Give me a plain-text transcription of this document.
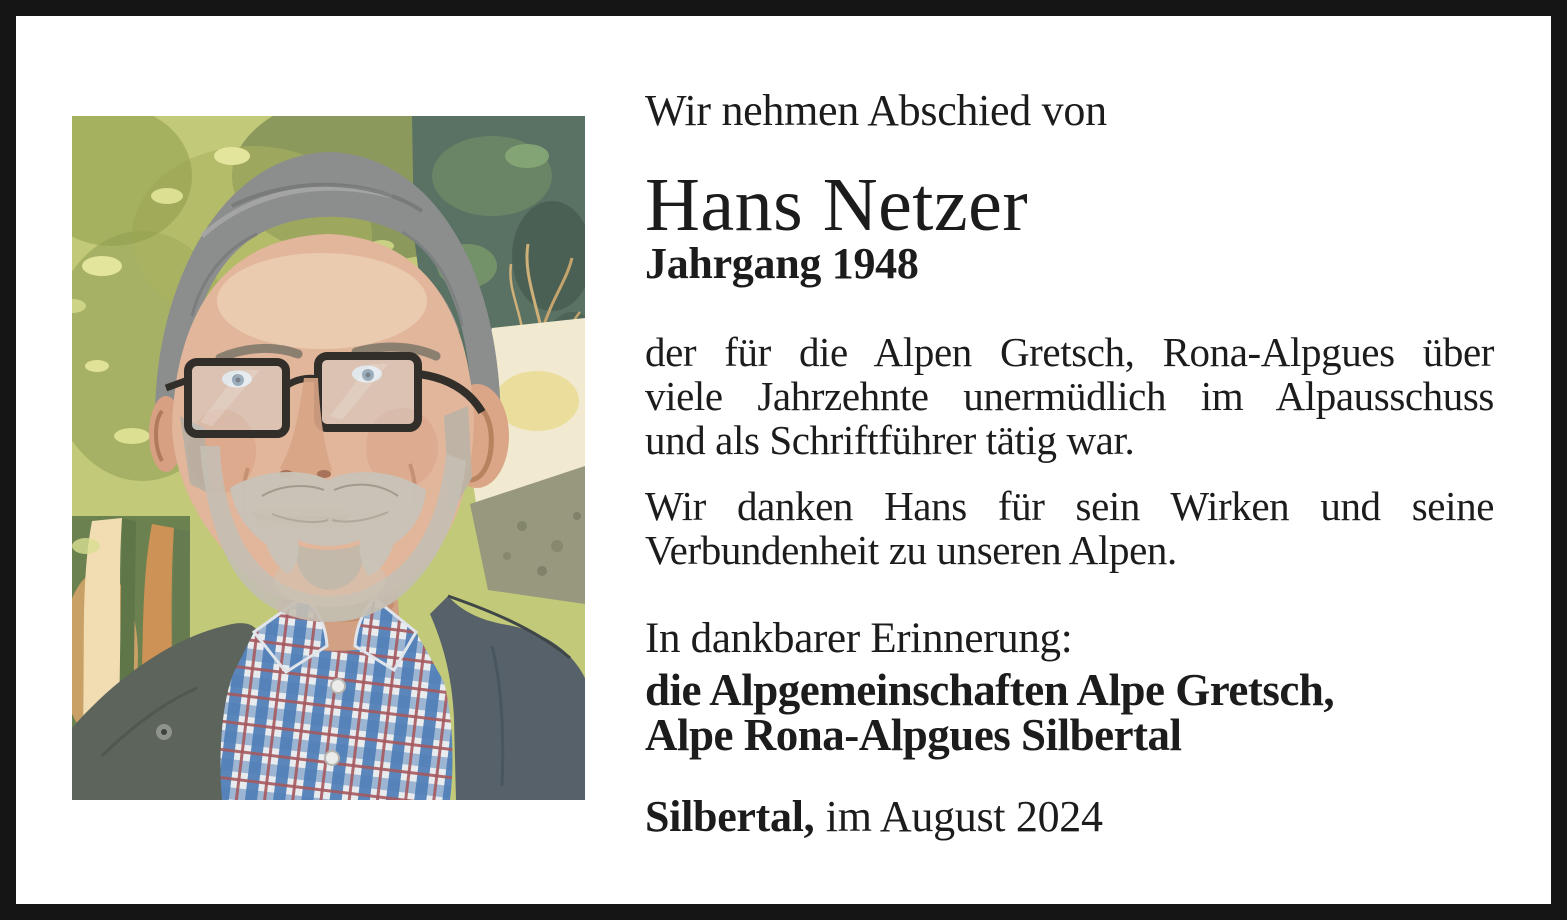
Wir nehmen Abschied von
Hans Netzer
Jahrgang 1948
der für die Alpen Gretsch, Rona-Alpgues über
viele Jahrzehnte unermüdlich im Alpausschuss
und als Schriftführer tätig war.
Wir danken Hans für sein Wirken und seine
Verbundenheit zu unseren Alpen.
In dankbarer Erinnerung:
die Alpgemeinschaften Alpe Gretsch,
Alpe Rona-Alpgues Silbertal
Silbertal, im August 2024
